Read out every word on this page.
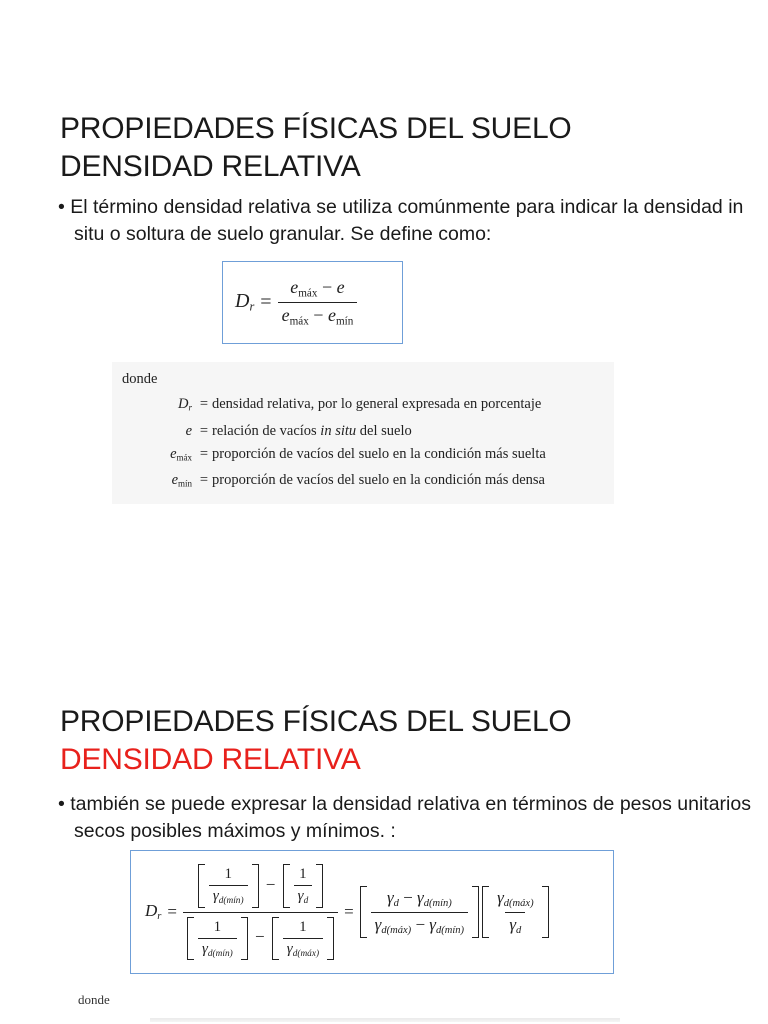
PROPIEDADES FÍSICAS DEL SUELO
DENSIDAD RELATIVA

• El término densidad relativa se utiliza comúnmente para indicar la densidad in situ o soltura de suelo granular. Se define como:

$D_r = \frac{e_{máx} - e}{e_{máx} - e_{mín}}$
donde
$D_r$ = densidad relativa, por lo general expresada en porcentaje
e = relación de vacíos in situ del suelo
$e_{máx}$ = proporción de vacíos del suelo en la condición más suelta
$e_{mín}$ = proporción de vacíos del suelo en la condición más densa
PROPIEDADES FÍSICAS DEL SUELO
DENSIDAD RELATIVA

• también se puede expresar la densidad relativa en términos de pesos unitarios secos posibles máximos y mínimos. :

$D_r = \frac{\frac{1}{\gamma_{d(mín)}} - \frac{1}{\gamma_d}}{\frac{1}{\gamma_{d(mín)}} - \frac{1}{\gamma_{d(máx)}}} = \frac{\gamma_d - \gamma_{d(mín)}}{\gamma_{d(máx)} - \gamma_{d(mín)}} \frac{\gamma_{d(máx)}}{\gamma_d}$
donde
